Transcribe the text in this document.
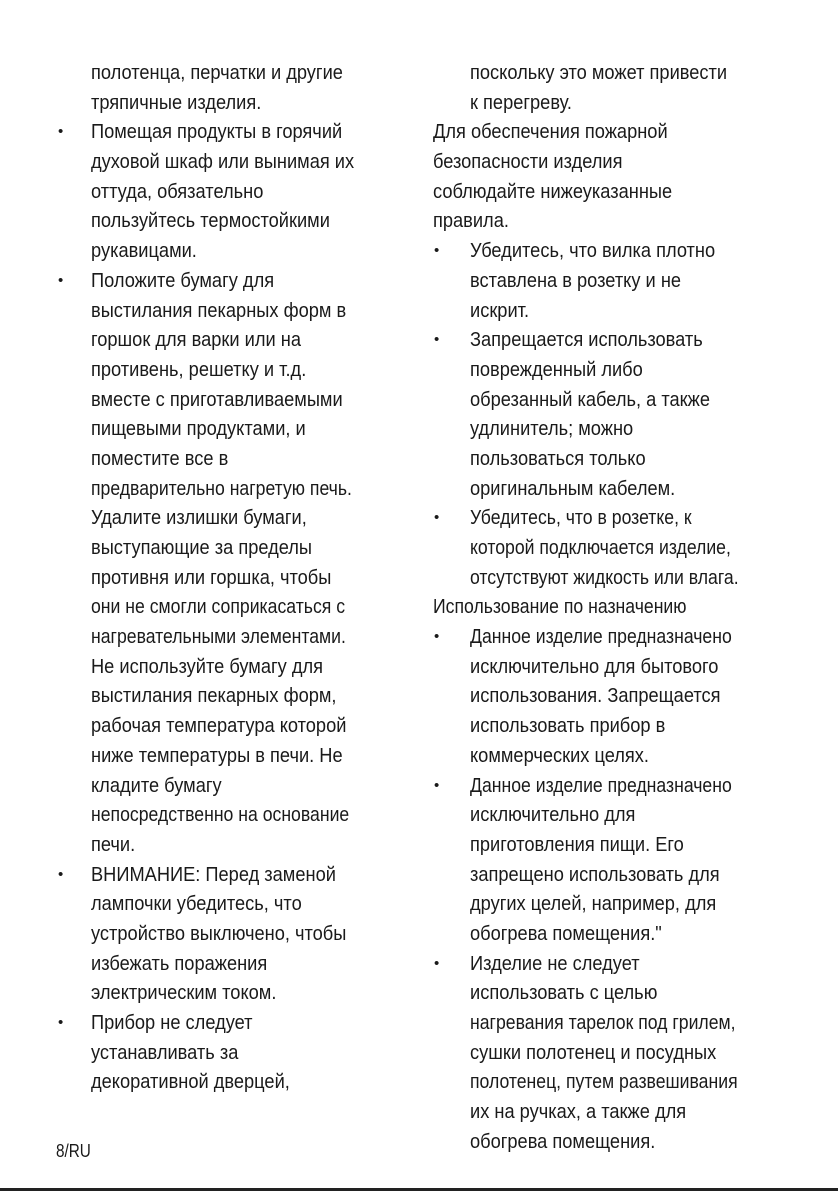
полотенца, перчатки и другие
тряпичные изделия.
• Помещая продукты в горячий
духовой шкаф или вынимая их
оттуда, обязательно
пользуйтесь термостойкими
рукавицами.
• Положите бумагу для
выстилания пекарных форм в
горшок для варки или на
противень, решетку и т.д.
вместе с приготавливаемыми
пищевыми продуктами, и
поместите все в
предварительно нагретую печь.
Удалите излишки бумаги,
выступающие за пределы
противня или горшка, чтобы
они не смогли соприкасаться с
нагревательными элементами.
Не используйте бумагу для
выстилания пекарных форм,
рабочая температура которой
ниже температуры в печи. Не
кладите бумагу
непосредственно на основание
печи.
• ВНИМАНИЕ: Перед заменой
лампочки убедитесь, что
устройство выключено, чтобы
избежать поражения
электрическим током.
• Прибор не следует
устанавливать за
декоративной дверцей,
поскольку это может привести
к перегреву.
Для обеспечения пожарной
безопасности изделия
соблюдайте нижеуказанные
правила.
• Убедитесь, что вилка плотно
вставлена в розетку и не
искрит.
• Запрещается использовать
поврежденный либо
обрезанный кабель, а также
удлинитель; можно
пользоваться только
оригинальным кабелем.
• Убедитесь, что в розетке, к
которой подключается изделие,
отсутствуют жидкость или влага.
Использование по назначению
• Данное изделие предназначено
исключительно для бытового
использования. Запрещается
использовать прибор в
коммерческих целях.
• Данное изделие предназначено
исключительно для
приготовления пищи. Его
запрещено использовать для
других целей, например, для
обогрева помещения."
• Изделие не следует
использовать с целью
нагревания тарелок под грилем,
сушки полотенец и посудных
полотенец, путем развешивания
их на ручках, а также для
обогрева помещения.
8/RU
